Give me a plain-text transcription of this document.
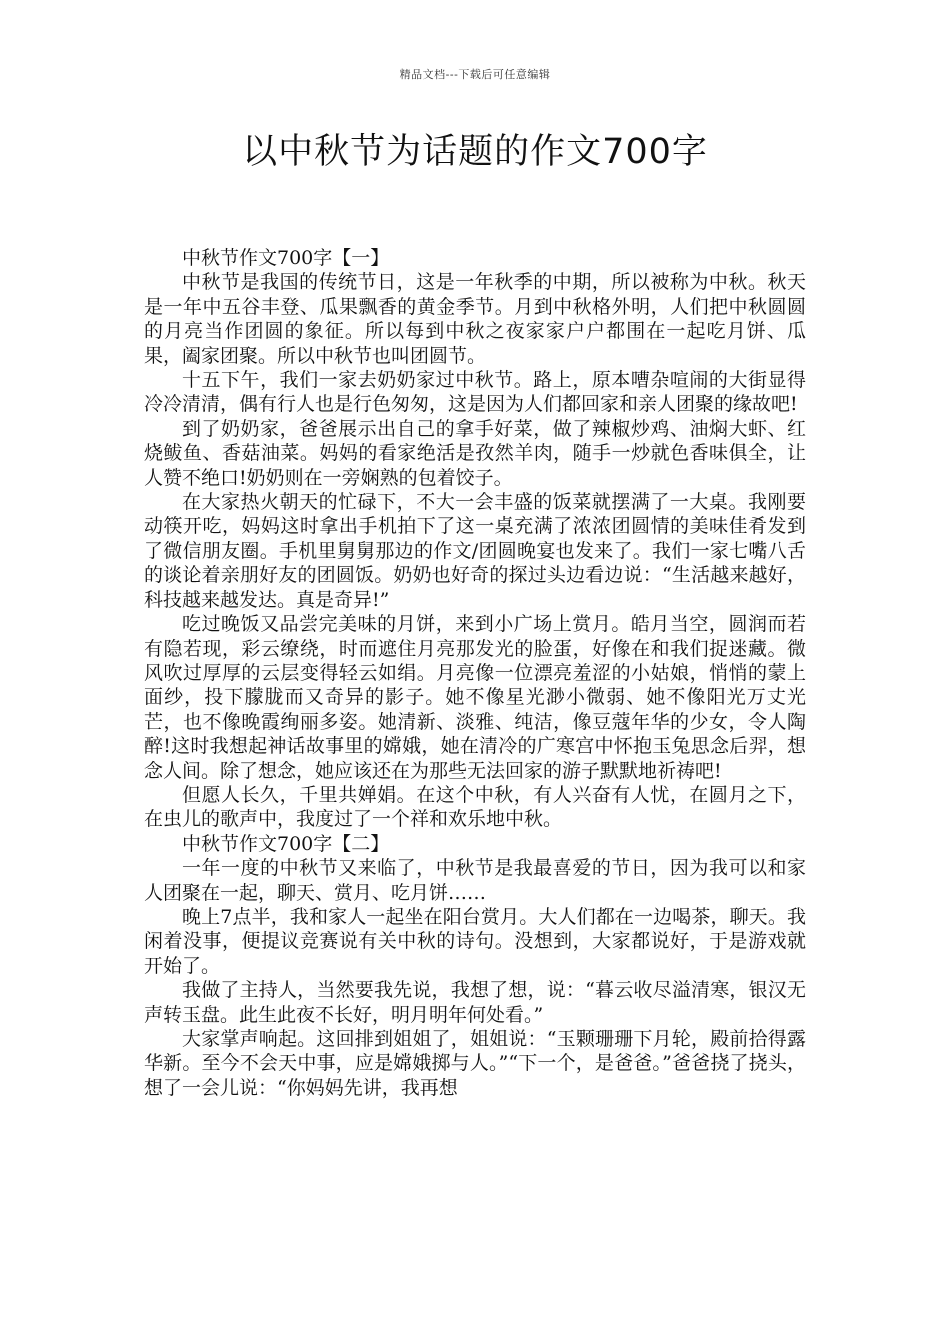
精品文档---下载后可任意编辑
以中秋节为话题的作文700字

中秋节作文700字【一】

中秋节是我国的传统节日，这是一年秋季的中期，所以被称为中秋。秋天是一年中五谷丰登、瓜果飘香的黄金季节。月到中秋格外明，人们把中秋圆圆的月亮当作团圆的象征。所以每到中秋之夜家家户户都围在一起吃月饼、瓜果，阖家团聚。所以中秋节也叫团圆节。

十五下午，我们一家去奶奶家过中秋节。路上，原本嘈杂喧闹的大街显得冷冷清清，偶有行人也是行色匆匆，这是因为人们都回家和亲人团聚的缘故吧!

到了奶奶家，爸爸展示出自己的拿手好菜，做了辣椒炒鸡、油焖大虾、红烧鲅鱼、香菇油菜。妈妈的看家绝活是孜然羊肉，随手一炒就色香味俱全，让人赞不绝口!奶奶则在一旁娴熟的包着饺子。

在大家热火朝天的忙碌下，不大一会丰盛的饭菜就摆满了一大桌。我刚要动筷开吃，妈妈这时拿出手机拍下了这一桌充满了浓浓团圆情的美味佳肴发到了微信朋友圈。手机里舅舅那边的作文/团圆晚宴也发来了。我们一家七嘴八舌的谈论着亲朋好友的团圆饭。奶奶也好奇的探过头边看边说：“生活越来越好，科技越来越发达。真是奇异!”

吃过晚饭又品尝完美味的月饼，来到小广场上赏月。皓月当空，圆润而若有隐若现，彩云缭绕，时而遮住月亮那发光的脸蛋，好像在和我们捉迷藏。微风吹过厚厚的云层变得轻云如绢。月亮像一位漂亮羞涩的小姑娘，悄悄的蒙上面纱，投下朦胧而又奇异的影子。她不像星光渺小微弱、她不像阳光万丈光芒，也不像晚霞绚丽多姿。她清新、淡雅、纯洁，像豆蔻年华的少女，令人陶醉!这时我想起神话故事里的嫦娥，她在清冷的广寒宫中怀抱玉兔思念后羿，想念人间。除了想念，她应该还在为那些无法回家的游子默默地祈祷吧!

但愿人长久，千里共婵娟。在这个中秋，有人兴奋有人忧，在圆月之下，在虫儿的歌声中，我度过了一个祥和欢乐地中秋。

中秋节作文700字【二】

一年一度的中秋节又来临了，中秋节是我最喜爱的节日，因为我可以和家人团聚在一起，聊天、赏月、吃月饼……

晚上7点半，我和家人一起坐在阳台赏月。大人们都在一边喝茶，聊天。我闲着没事，便提议竞赛说有关中秋的诗句。没想到，大家都说好，于是游戏就开始了。

我做了主持人，当然要我先说，我想了想，说：“暮云收尽溢清寒，银汉无声转玉盘。此生此夜不长好，明月明年何处看。”

大家掌声响起。这回排到姐姐了，姐姐说：“玉颗珊珊下月轮，殿前拾得露华新。至今不会天中事，应是嫦娥掷与人。”“下一个，是爸爸。”爸爸挠了挠头，想了一会儿说：“你妈妈先讲，我再想
